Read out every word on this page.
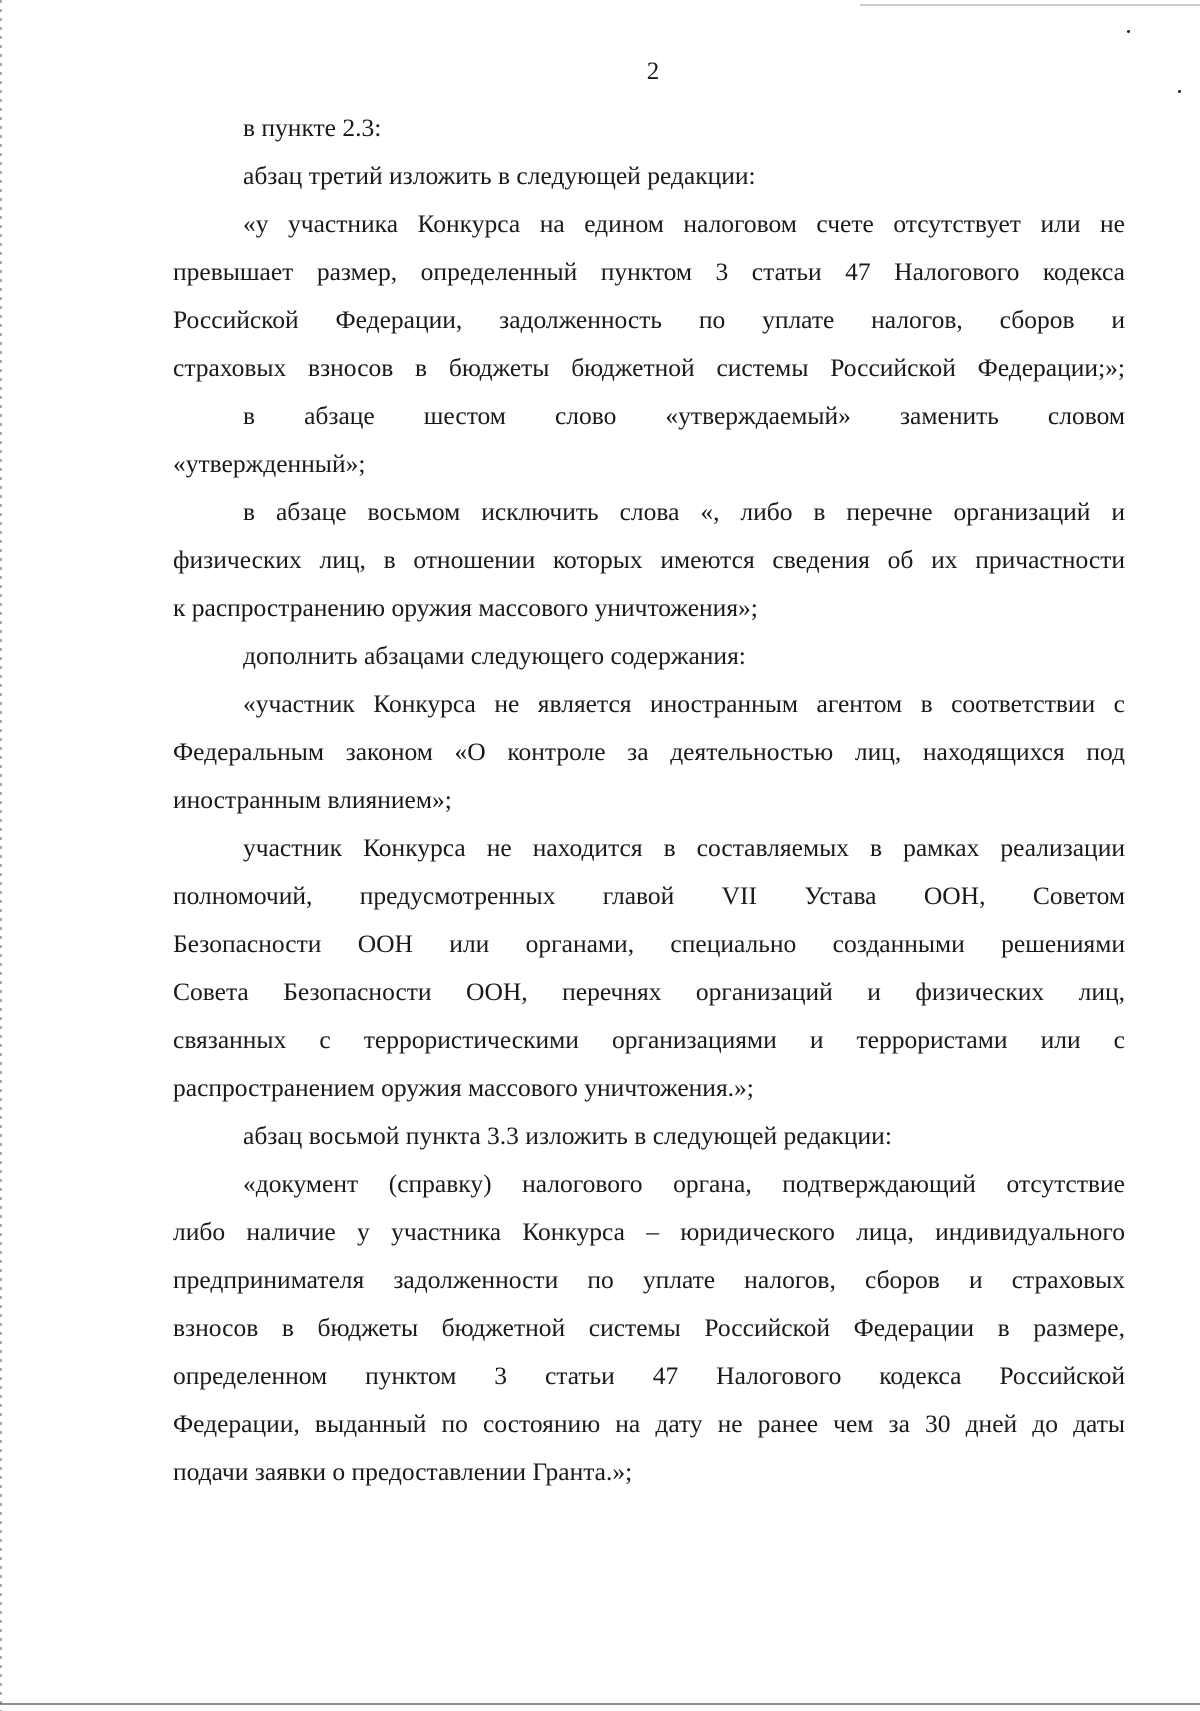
2
в пункте 2.3:
абзац третий изложить в следующей редакции:
«у участника Конкурса на едином налоговом счете отсутствует или не
превышает размер, определенный пунктом 3 статьи 47 Налогового кодекса
Российской Федерации, задолженность по уплате налогов, сборов и
страховых взносов в бюджеты бюджетной системы Российской Федерации;»;
в абзаце шестом слово «утверждаемый» заменить словом
«утвержденный»;
в абзаце восьмом исключить слова «, либо в перечне организаций и
физических лиц, в отношении которых имеются сведения об их причастности
к распространению оружия массового уничтожения»;
дополнить абзацами следующего содержания:
«участник Конкурса не является иностранным агентом в соответствии с
Федеральным законом «О контроле за деятельностью лиц, находящихся под
иностранным влиянием»;
участник Конкурса не находится в составляемых в рамках реализации
полномочий, предусмотренных главой VII Устава ООН, Советом
Безопасности ООН или органами, специально созданными решениями
Совета Безопасности ООН, перечнях организаций и физических лиц,
связанных с террористическими организациями и террористами или с
распространением оружия массового уничтожения.»;
абзац восьмой пункта 3.3 изложить в следующей редакции:
«документ (справку) налогового органа, подтверждающий отсутствие
либо наличие у участника Конкурса – юридического лица, индивидуального
предпринимателя задолженности по уплате налогов, сборов и страховых
взносов в бюджеты бюджетной системы Российской Федерации в размере,
определенном пунктом 3 статьи 47 Налогового кодекса Российской
Федерации, выданный по состоянию на дату не ранее чем за 30 дней до даты
подачи заявки о предоставлении Гранта.»;
